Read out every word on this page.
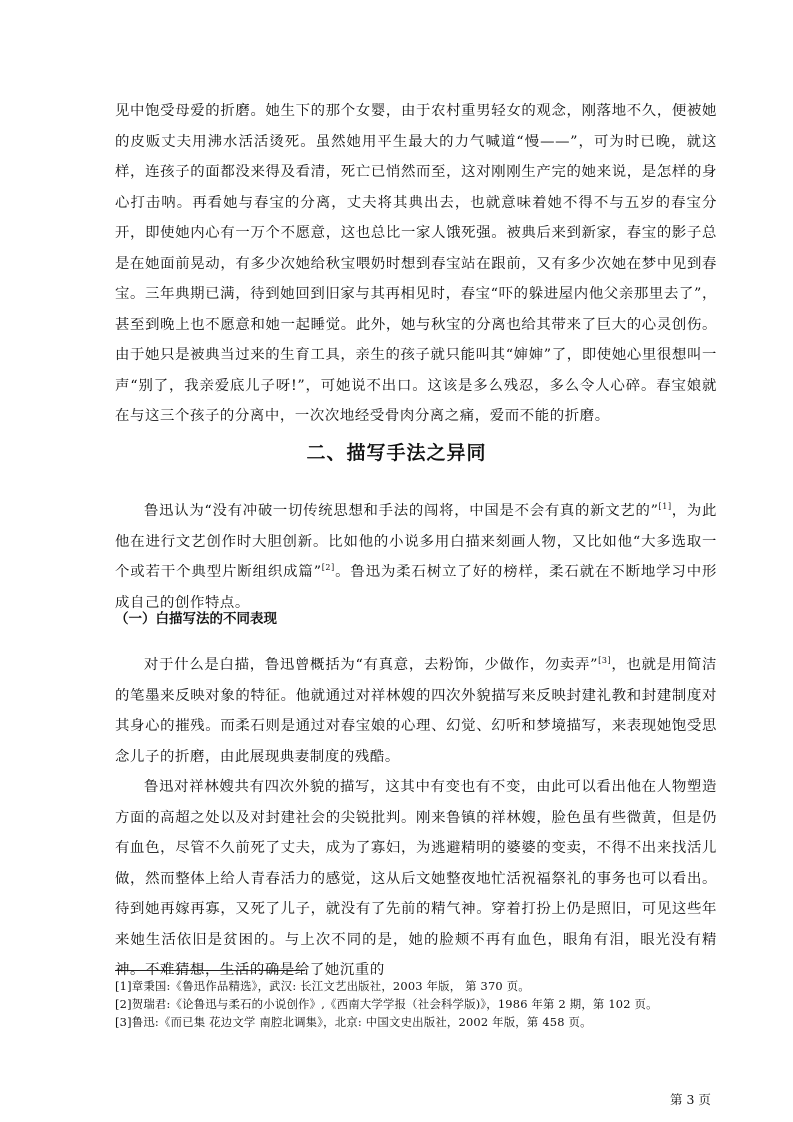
见中饱受母爱的折磨。她生下的那个女婴，由于农村重男轻女的观念，刚落地不久，便被她的皮贩丈夫用沸水活活烫死。虽然她用平生最大的力气喊道“慢——”，可为时已晚，就这样，连孩子的面都没来得及看清，死亡已悄然而至，这对刚刚生产完的她来说，是怎样的身心打击呐。再看她与春宝的分离，丈夫将其典出去，也就意味着她不得不与五岁的春宝分开，即使她内心有一万个不愿意，这也总比一家人饿死强。被典后来到新家，春宝的影子总是在她面前晃动，有多少次她给秋宝喂奶时想到春宝站在跟前，又有多少次她在梦中见到春宝。三年典期已满，待到她回到旧家与其再相见时，春宝“吓的躲进屋内他父亲那里去了”，甚至到晚上也不愿意和她一起睡觉。此外，她与秋宝的分离也给其带来了巨大的心灵创伤。由于她只是被典当过来的生育工具，亲生的孩子就只能叫其“婶婶”了，即使她心里很想叫一声“别了，我亲爱底儿子呀!”，可她说不出口。这该是多么残忍，多么令人心碎。春宝娘就在与这三个孩子的分离中，一次次地经受骨肉分离之痛，爱而不能的折磨。

二、描写手法之异同

鲁迅认为“没有冲破一切传统思想和手法的闯将，中国是不会有真的新文艺的”[1]，为此他在进行文艺创作时大胆创新。比如他的小说多用白描来刻画人物，又比如他“大多选取一个或若干个典型片断组织成篇”[2]。鲁迅为柔石树立了好的榜样，柔石就在不断地学习中形成自己的创作特点。

（一）白描写法的不同表现

对于什么是白描，鲁迅曾概括为“有真意，去粉饰，少做作，勿卖弄”[3]，也就是用简洁的笔墨来反映对象的特征。他就通过对祥林嫂的四次外貌描写来反映封建礼教和封建制度对其身心的摧残。而柔石则是通过对春宝娘的心理、幻觉、幻听和梦境描写，来表现她饱受思念儿子的折磨，由此展现典妻制度的残酷。

鲁迅对祥林嫂共有四次外貌的描写，这其中有变也有不变，由此可以看出他在人物塑造方面的高超之处以及对封建社会的尖锐批判。刚来鲁镇的祥林嫂，脸色虽有些微黄，但是仍有血色，尽管不久前死了丈夫，成为了寡妇，为逃避精明的婆婆的变卖，不得不出来找活儿做，然而整体上给人青春活力的感觉，这从后文她整夜地忙活祝福祭礼的事务也可以看出。待到她再嫁再寡，又死了儿子，就没有了先前的精气神。穿着打扮上仍是照旧，可见这些年来她生活依旧是贫困的。与上次不同的是，她的脸颊不再有血色，眼角有泪，眼光没有精神。不难猜想，生活的确是给了她沉重的

[1]章秉国:《鲁迅作品精选》，武汉: 长江文艺出版社，2003 年版， 第 370 页。

[2]贺瑞君:《论鲁迅与柔石的小说创作》,《西南大学学报（社会科学版)》，1986 年第 2 期，第 102 页。

[3]鲁迅:《而已集 花边文学 南腔北调集》，北京: 中国文史出版社，2002 年版，第 458 页。

第 3 页
